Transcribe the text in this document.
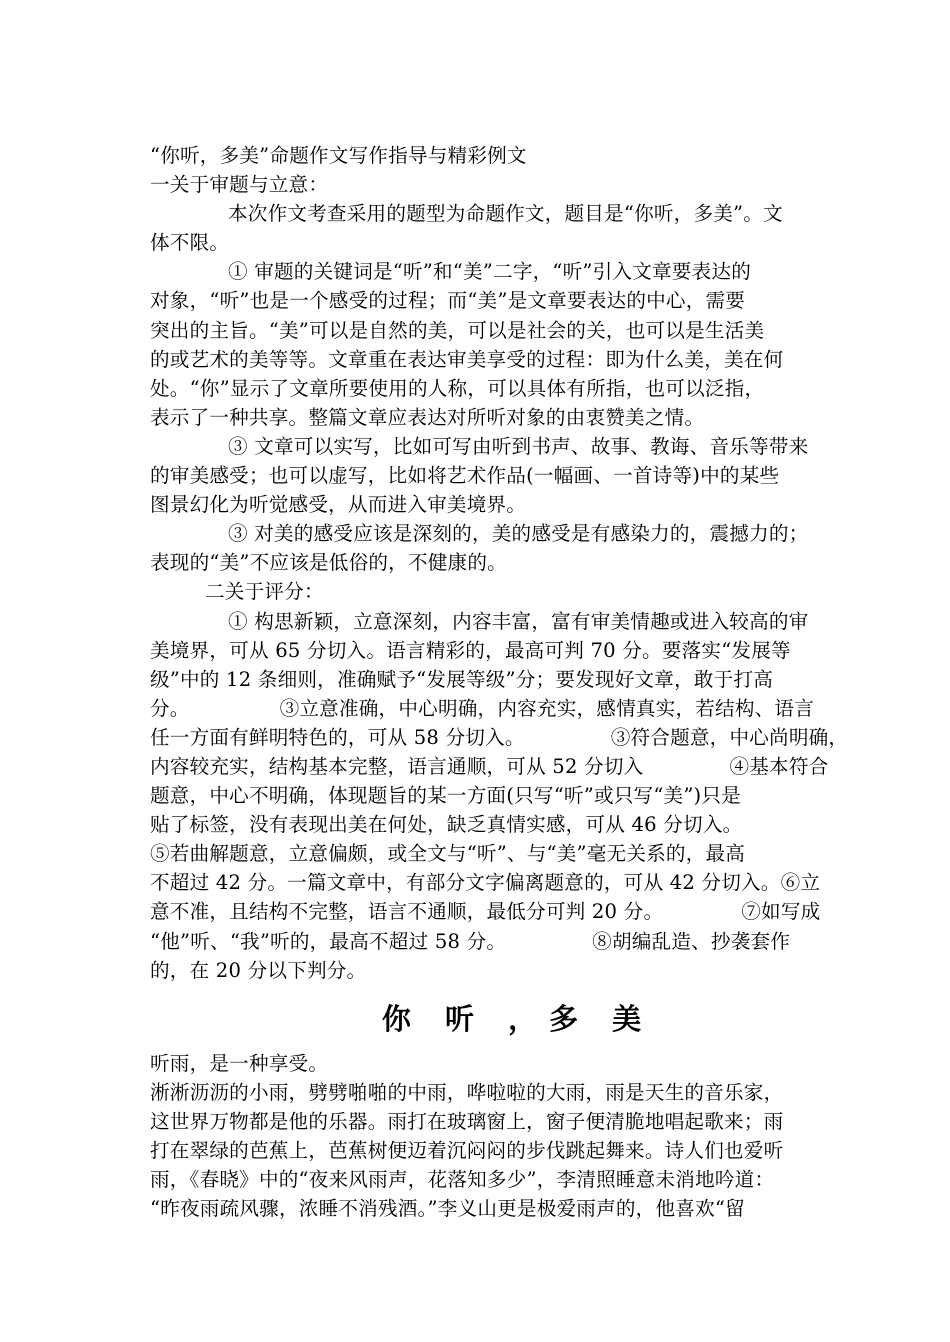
“你听，多美”命题作文写作指导与精彩例文
一关于审题与立意：
本次作文考查采用的题型为命题作文，题目是“你听，多美”。文
体不限。
① 审题的关键词是“听”和“美”二字，“听”引入文章要表达的
对象，“听”也是一个感受的过程；而“美”是文章要表达的中心，需要
突出的主旨。“美”可以是自然的美，可以是社会的关，也可以是生活美
的或艺术的美等等。文章重在表达审美享受的过程：即为什么美，美在何
处。“你”显示了文章所要使用的人称，可以具体有所指，也可以泛指，
表示了一种共享。整篇文章应表达对所听对象的由衷赞美之情。
③ 文章可以实写，比如可写由听到书声、故事、教诲、音乐等带来
的审美感受；也可以虚写，比如将艺术作品(一幅画、一首诗等)中的某些
图景幻化为听觉感受，从而进入审美境界。
③ 对美的感受应该是深刻的，美的感受是有感染力的，震撼力的；
表现的“美”不应该是低俗的，不健康的。
二关于评分：
① 构思新颖，立意深刻，内容丰富，富有审美情趣或进入较高的审
美境界，可从 65 分切入。语言精彩的，最高可判 70 分。要落实“发展等
级”中的 12 条细则，准确赋予“发展等级”分；要发现好文章，敢于打高
分。	③立意准确，中心明确，内容充实，感情真实，若结构、语言
任一方面有鲜明特色的，可从 58 分切入。	③符合题意，中心尚明确，
内容较充实，结构基本完整，语言通顺，可从 52 分切入	④基本符合
题意，中心不明确，体现题旨的某一方面(只写“听”或只写“美”)只是
贴了标签，没有表现出美在何处，缺乏真情实感，可从 46 分切入。
⑤若曲解题意，立意偏颇，或全文与“听”、与“美”毫无关系的，最高
不超过 42 分。一篇文章中，有部分文字偏离题意的，可从 42 分切入。⑥立
意不准，且结构不完整，语言不通顺，最低分可判 20 分。	⑦如写成
“他”听、“我”听的，最高不超过 58 分。	⑧胡编乱造、抄袭套作
的，在 20 分以下判分。
你 听 ，多 美
听雨，是一种享受。
淅淅沥沥的小雨，劈劈啪啪的中雨，哗啦啦的大雨，雨是天生的音乐家，
这世界万物都是他的乐器。雨打在玻璃窗上，窗子便清脆地唱起歌来；雨
打在翠绿的芭蕉上，芭蕉树便迈着沉闷闷的步伐跳起舞来。诗人们也爱听
雨，《春晓》中的“夜来风雨声，花落知多少”，李清照睡意未消地吟道：
“昨夜雨疏风骤，浓睡不消残酒。”李义山更是极爱雨声的，他喜欢“留
